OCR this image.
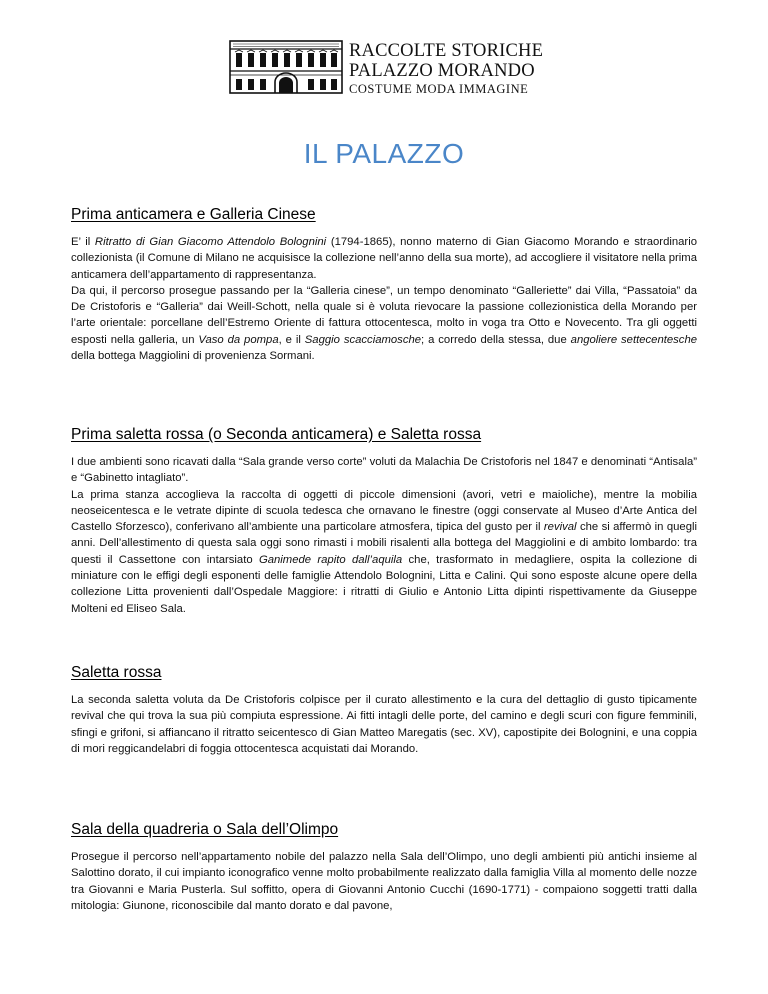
RACCOLTE STORICHE
PALAZZO MORANDO
COSTUME MODA IMMAGINE
IL PALAZZO
Prima anticamera e Galleria Cinese

E’ il Ritratto di Gian Giacomo Attendolo Bolognini (1794-1865), nonno materno di Gian Giacomo Morando e straordinario collezionista (il Comune di Milano ne acquisisce la collezione nell’anno della sua morte), ad accogliere il visitatore nella prima anticamera dell’appartamento di rappresentanza.

Da qui, il percorso prosegue passando per la “Galleria cinese”, un tempo denominato “Galleriette” dai Villa, “Passatoia” da De Cristoforis e “Galleria” dai Weill-Schott, nella quale si è voluta rievocare la passione collezionistica della Morando per l’arte orientale: porcellane dell’Estremo Oriente di fattura ottocentesca, molto in voga tra Otto e Novecento. Tra gli oggetti esposti nella galleria, un Vaso da pompa, e il Saggio scacciamosche; a corredo della stessa, due angoliere settecentesche della bottega Maggiolini di provenienza Sormani.

Prima saletta rossa (o Seconda anticamera) e Saletta rossa

I due ambienti sono ricavati dalla “Sala grande verso corte” voluti da Malachia De Cristoforis nel 1847 e denominati “Antisala” e “Gabinetto intagliato”.

La prima stanza accoglieva la raccolta di oggetti di piccole dimensioni (avori, vetri e maioliche), mentre la mobilia neoseicentesca e le vetrate dipinte di scuola tedesca che ornavano le finestre (oggi conservate al Museo d’Arte Antica del Castello Sforzesco), conferivano all’ambiente una particolare atmosfera, tipica del gusto per il revival che si affermò in quegli anni. Dell’allestimento di questa sala oggi sono rimasti i mobili risalenti alla bottega del Maggiolini e di ambito lombardo: tra questi il Cassettone con intarsiato Ganimede rapito dall’aquila che, trasformato in medagliere, ospita la collezione di miniature con le effigi degli esponenti delle famiglie Attendolo Bolognini, Litta e Calini. Qui sono esposte alcune opere della collezione Litta provenienti dall’Ospedale Maggiore: i ritratti di Giulio e Antonio Litta dipinti rispettivamente da Giuseppe Molteni ed Eliseo Sala.

Saletta rossa

La seconda saletta voluta da De Cristoforis colpisce per il curato allestimento e la cura del dettaglio di gusto tipicamente revival che qui trova la sua più compiuta espressione. Ai fitti intagli delle porte, del camino e degli scuri con figure femminili, sfingi e grifoni, si affiancano il ritratto seicentesco di Gian Matteo Maregatis (sec. XV), capostipite dei Bolognini, e una coppia di mori reggicandelabri di foggia ottocentesca acquistati dai Morando.

Sala della quadreria o Sala dell’Olimpo

Prosegue il percorso nell’appartamento nobile del palazzo nella Sala dell’Olimpo, uno degli ambienti più antichi insieme al Salottino dorato, il cui impianto iconografico venne molto probabilmente realizzato dalla famiglia Villa al momento delle nozze tra Giovanni e Maria Pusterla. Sul soffitto, opera di Giovanni Antonio Cucchi (1690-1771) - compaiono soggetti tratti dalla mitologia: Giunone, riconoscibile dal manto dorato e dal pavone,
